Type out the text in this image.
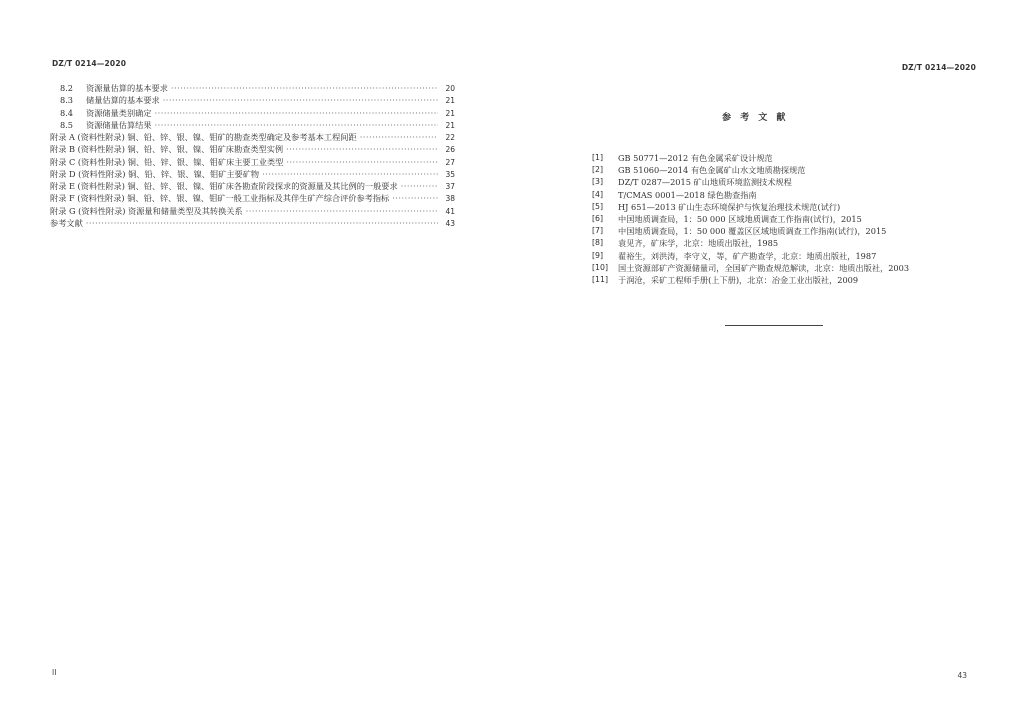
DZ/T 0214—2020
8.2 资源量估算的基本要求 ·····	20
8.3 储量估算的基本要求 ·····	21
8.4 资源储量类别确定 ·····	21
8.5 资源储量估算结果 ·····	21
附录 A (资料性附录) 铜、铅、锌、银、镍、钼矿的勘查类型确定及参考基本工程间距 ·····	22
附录 B (资料性附录) 铜、铅、锌、银、镍、钼矿床勘查类型实例 ·····	26
附录 C (资料性附录) 铜、铅、锌、银、镍、钼矿床主要工业类型 ·····	27
附录 D (资料性附录) 铜、铅、锌、银、镍、钼矿主要矿物 ·····	35
附录 E (资料性附录) 铜、铅、锌、银、镍、钼矿床各勘查阶段探求的资源量及其比例的一般要求 ·····	37
附录 F (资料性附录) 铜、铅、锌、银、镍、钼矿一般工业指标及其伴生矿产综合评价参考指标 ·····	38
附录 G (资料性附录) 资源量和储量类型及其转换关系 ·····	41
参考文献 ·····	43
II
DZ/T 0214—2020
参 考 文 献
[1]	GB 50771—2012 有色金属采矿设计规范
[2]	GB 51060—2014 有色金属矿山水文地质勘探规范
[3]	DZ/T 0287—2015 矿山地质环境监测技术规程
[4]	T/CMAS 0001—2018 绿色勘查指南
[5]	HJ 651—2013 矿山生态环境保护与恢复治理技术规范(试行)
[6]	中国地质调查局，1：50 000 区域地质调查工作指南(试行)，2015
[7]	中国地质调查局，1：50 000 覆盖区区域地质调查工作指南(试行)，2015
[8]	袁见齐，矿床学，北京：地质出版社，1985
[9]	翟裕生，刘洪涛，李守义，等，矿产勘查学，北京：地质出版社，1987
[10]	国土资源部矿产资源储量司，全国矿产勘查规范解读，北京：地质出版社，2003
[11]	于润沧，采矿工程师手册(上下册)，北京：冶金工业出版社，2009
43
